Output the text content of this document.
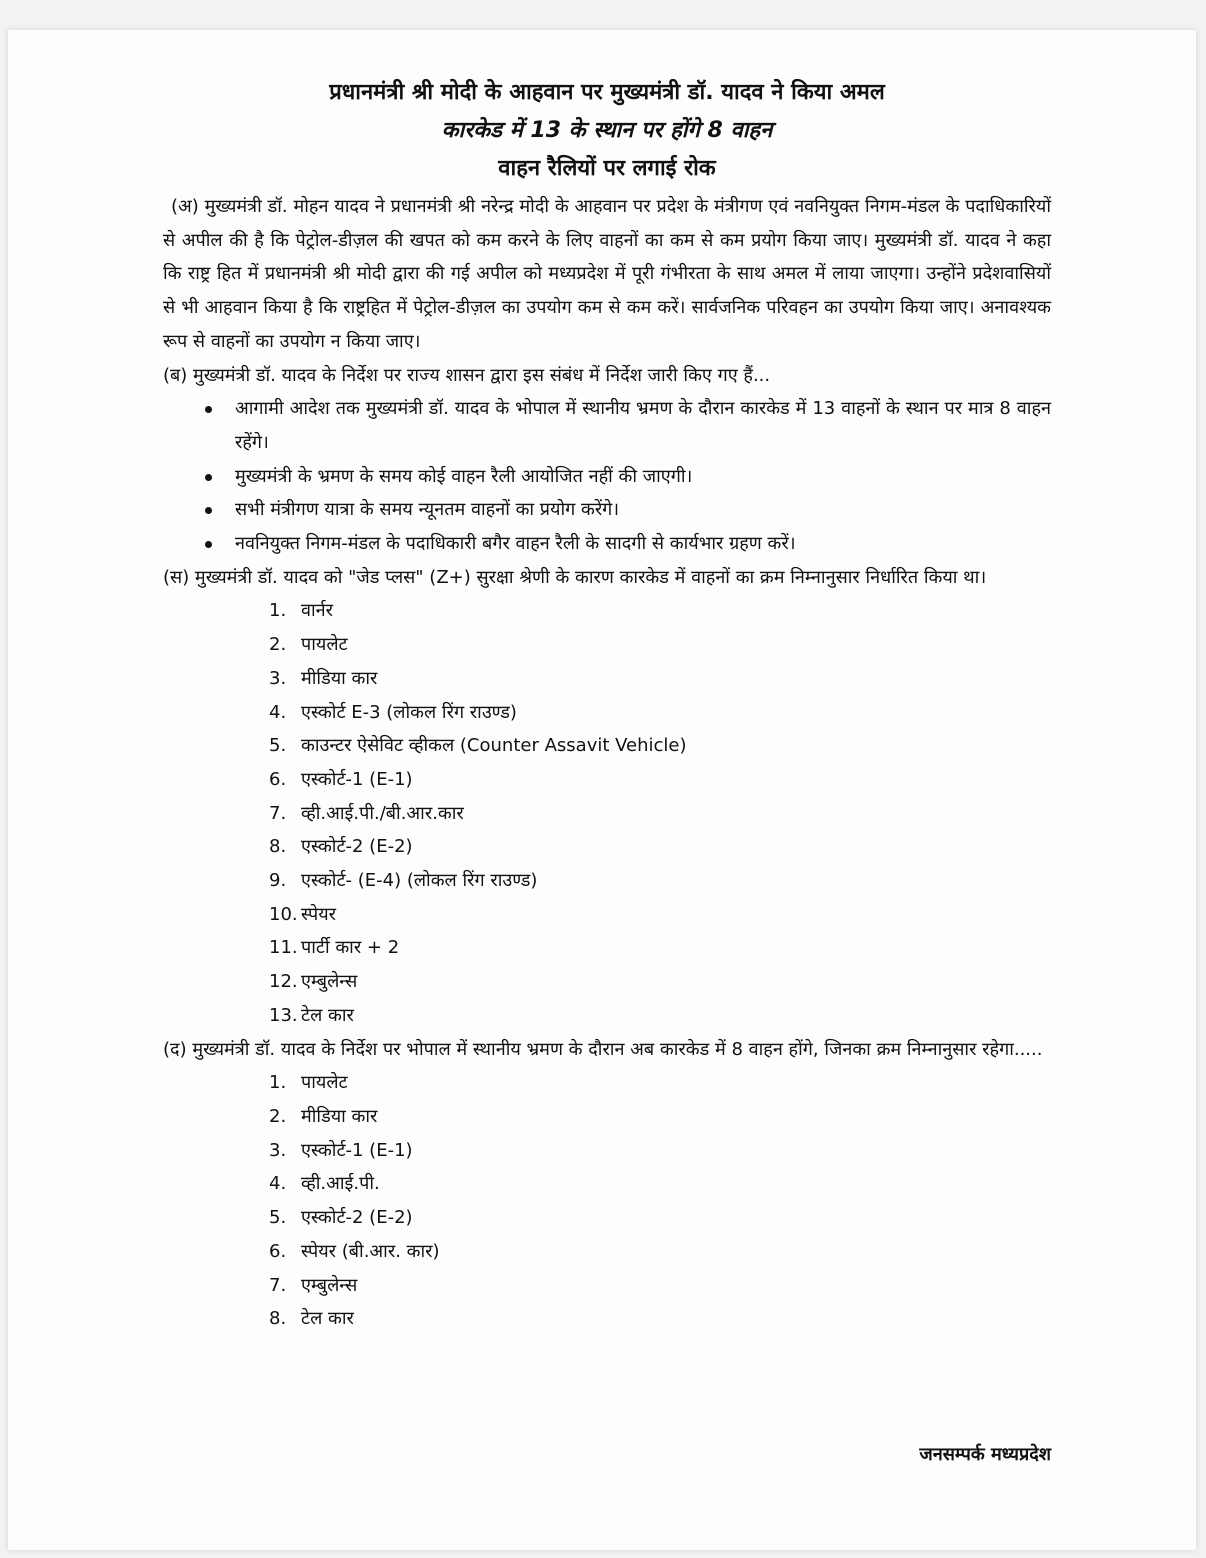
प्रधानमंत्री श्री मोदी के आहवान पर मुख्यमंत्री डॉ. यादव ने किया अमल
कारकेड में 13 के स्थान पर होंगे 8 वाहन
वाहन रैलियों पर लगाई रोक
(अ) मुख्यमंत्री डॉ. मोहन यादव ने प्रधानमंत्री श्री नरेन्द्र मोदी के आहवान पर प्रदेश के मंत्रीगण एवं नवनियुक्त निगम-मंडल के पदाधिकारियों से अपील की है कि पेट्रोल-डीज़ल की खपत को कम करने के लिए वाहनों का कम से कम प्रयोग किया जाए। मुख्यमंत्री डॉ. यादव ने कहा कि राष्ट्र हित में प्रधानमंत्री श्री मोदी द्वारा की गई अपील को मध्यप्रदेश में पूरी गंभीरता के साथ अमल में लाया जाएगा। उन्होंने प्रदेशवासियों से भी आहवान किया है कि राष्ट्रहित में पेट्रोल-डीज़ल का उपयोग कम से कम करें। सार्वजनिक परिवहन का उपयोग किया जाए। अनावश्यक रूप से वाहनों का उपयोग न किया जाए।
(ब) मुख्यमंत्री डॉ. यादव के निर्देश पर राज्य शासन द्वारा इस संबंध में निर्देश जारी किए गए हैं...
आगामी आदेश तक मुख्यमंत्री डॉ. यादव के भोपाल में स्थानीय भ्रमण के दौरान कारकेड में 13 वाहनों के स्थान पर मात्र 8 वाहन रहेंगे।
मुख्यमंत्री के भ्रमण के समय कोई वाहन रैली आयोजित नहीं की जाएगी।
सभी मंत्रीगण यात्रा के समय न्यूनतम वाहनों का प्रयोग करेंगे।
नवनियुक्त निगम-मंडल के पदाधिकारी बगैर वाहन रैली के सादगी से कार्यभार ग्रहण करें।
(स) मुख्यमंत्री डॉ. यादव को "जेड प्लस" (Z+) सुरक्षा श्रेणी के कारण कारकेड में वाहनों का क्रम निम्नानुसार निर्धारित किया था।
1. वार्नर
2. पायलेट
3. मीडिया कार
4. एस्कोर्ट E-3 (लोकल रिंग राउण्ड)
5. काउन्टर ऐसेविट व्हीकल (Counter Assavit Vehicle)
6. एस्कोर्ट-1 (E-1)
7. व्ही.आई.पी./बी.आर.कार
8. एस्कोर्ट-2 (E-2)
9. एस्कोर्ट- (E-4) (लोकल रिंग राउण्ड)
10. स्पेयर
11. पार्टी कार + 2
12. एम्बुलेन्स
13. टेल कार
(द) मुख्यमंत्री डॉ. यादव के निर्देश पर भोपाल में स्थानीय भ्रमण के दौरान अब कारकेड में 8 वाहन होंगे, जिनका क्रम निम्नानुसार रहेगा.....
1. पायलेट
2. मीडिया कार
3. एस्कोर्ट-1 (E-1)
4. व्ही.आई.पी.
5. एस्कोर्ट-2 (E-2)
6. स्पेयर (बी.आर. कार)
7. एम्बुलेन्स
8. टेल कार
जनसम्पर्क मध्यप्रदेश
